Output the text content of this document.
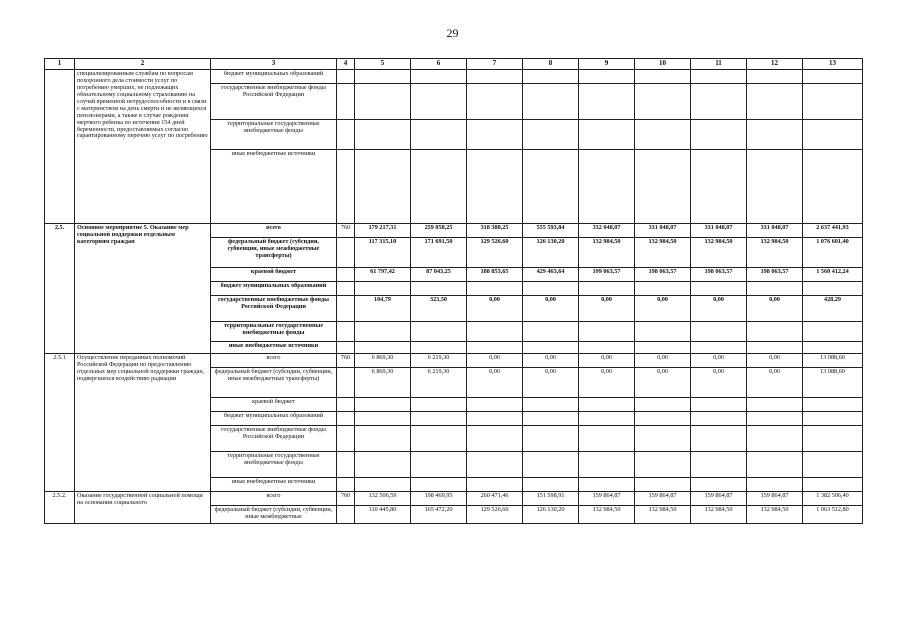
29
1	2	3	4	5	6	7	8	9	10	11	12	13
	специализированным службам по вопросам похоронного дела стоимости услуг по погребению умерших, не подлежащих обязательному социальному страхованию на случай временной нетрудоспособности и в связи с материнством на день смерти и не являющихся пенсионерами, а также в случае рождения мертвого ребенка по истечении 154 дней беременности, предоставляемых согласно гарантированному перечню услуг по погребению	бюджет муниципальных образований										
		государственные внебюджетные фонды Российской Федерации										
		территориальные государственные внебюджетные фонды										
		иные внебюджетные источники										
2.5.	Основное мероприятие 5. Оказание мер социальной поддержки отдельным категориям граждан	всего	760	179 217,31	259 058,25	318 380,25	555 593,84	332 048,07	331 048,07	331 048,07	331 048,07	2 637 441,93
		федеральный бюджет (субсидии, субвенции, иные межбюджетные трансферты)		117 315,10	171 691,50	129 526,60	126 130,20	132 984,50	132 984,50	132 984,50	132 984,50	1 076 601,40
		краевой бюджет		61 797,42	87 043,25	188 853,65	429 463,64	199 063,57	198 063,57	198 063,57	198 063,57	1 560 412,24
		бюджет муниципальных образований										
		государственные внебюджетные фонды Российской Федерации		104,79	323,50	0,00	0,00	0,00	0,00	0,00	0,00	428,29
		территориальные государственные внебюджетные фонды										
		иные внебюджетные источники										
2.5.1	Осуществление переданных полномочий Российской Федерации по предоставлению отдельных мер социальной поддержки граждан, подвергшихся воздействию радиации	всего	760	6 869,30	6 219,30	0,00	0,00	0,00	0,00	0,00	0,00	13 088,60
		федеральный бюджет (субсидии, субвенции, иные межбюджетные трансферты)		6 869,30	6 219,30	0,00	0,00	0,00	0,00	0,00	0,00	13 088,60
		краевой бюджет										
		бюджет муниципальных образований										
		государственные внебюджетные фонды Российской Федерации										
		территориальные государственные внебюджетные фонды										
		иные внебюджетные источники										
2.5.2.	Оказание государственной социальной помощи на основании социального	всего	760	132 506,59	198 469,95	260 471,46	151 598,91	159 864,87	159 864,87	159 864,87	159 864,87	1 382 506,40
		федеральный бюджет (субсидии, субвенции, иные межбюджетные		110 445,80	165 472,20	129 526,60	126 130,20	132 984,50	132 984,50	132 984,50	132 984,50	1 063 512,80
